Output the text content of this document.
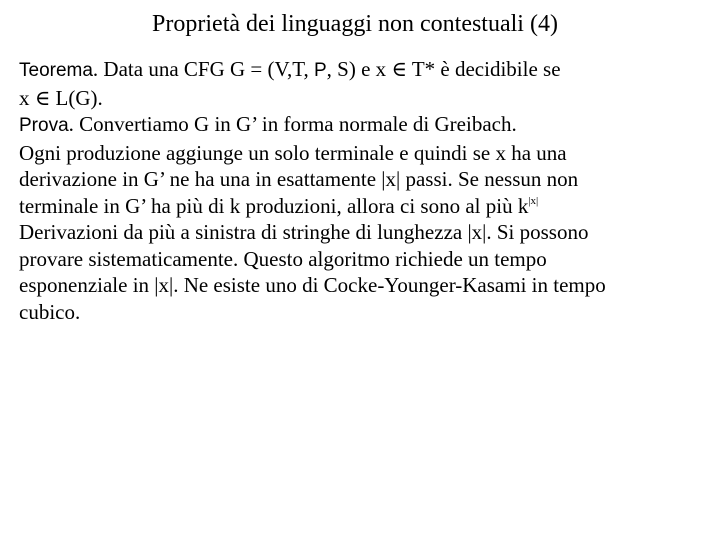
Proprietà dei linguaggi non contestuali (4)
Teorema. Data una CFG G = (V,T, P, S) e x ∈ T* è decidibile se
x ∈ L(G).
Prova. Convertiamo G in G’ in forma normale di Greibach.
Ogni produzione aggiunge un solo terminale e quindi se x ha una
derivazione in G’ ne ha una in esattamente |x| passi. Se nessun non
terminale in G’ ha più di k produzioni, allora ci sono al più $k^{|x|}$
Derivazioni da più a sinistra di stringhe di lunghezza |x|. Si possono
provare sistematicamente. Questo algoritmo richiede un tempo
esponenziale in |x|. Ne esiste uno di Cocke-Younger-Kasami in tempo
cubico.
